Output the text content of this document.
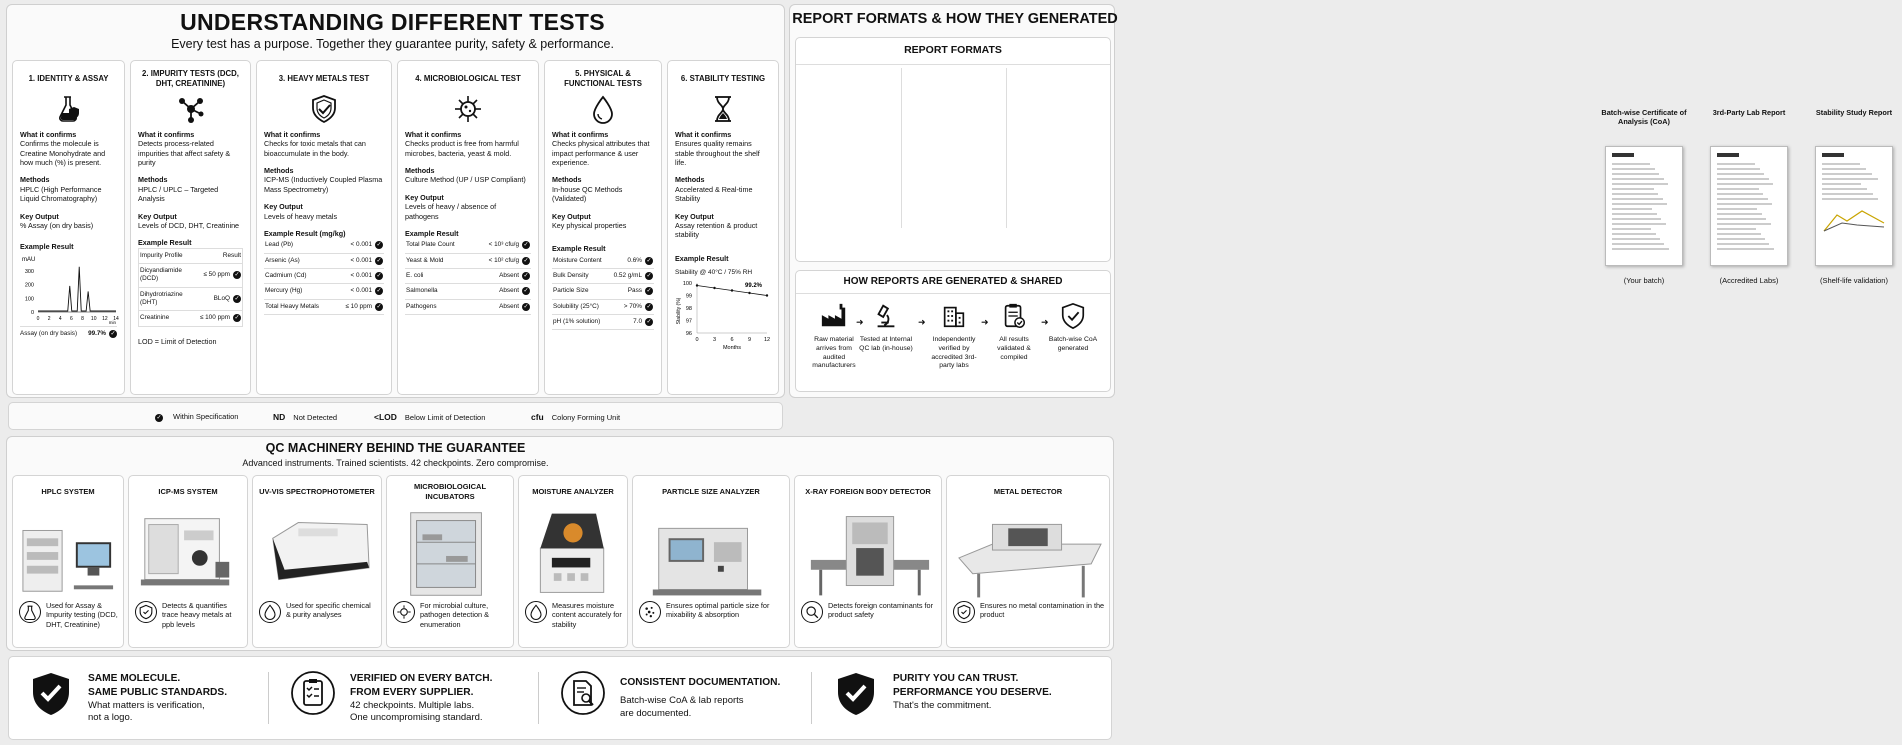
UNDERSTANDING DIFFERENT TESTS
Every test has a purpose. Together they guarantee purity, safety & performance.
1. IDENTITY & ASSAY
What it confirms
Confirms the molecule is Creatine Monohydrate and how much (%) is present.
Methods
HPLC (High Performance Liquid Chromatography)
Key Output
% Assay (on dry basis)
Example Result
mAU
300
200
100
0
0 2 4 6 8 10 12 14
min
Assay (on dry basis) 99.7% ✓
2. IMPURITY TESTS (DCD, DHT, CREATININE)
What it confirms
Detects process-related impurities that affect safety & purity
Methods
HPLC / UPLC – Targeted Analysis
Key Output
Levels of DCD, DHT, Creatinine
Example Result
Impurity Profile	Result
Dicyandiamide (DCD)	≤ 50 ppm ✓
Dihydrotriazine (DHT)	BLoQ ✓
Creatinine	≤ 100 ppm ✓
LOD = Limit of Detection
3. HEAVY METALS TEST
What it confirms
Checks for toxic metals that can bioaccumulate in the body.
Methods
ICP-MS (Inductively Coupled Plasma Mass Spectrometry)
Key Output
Levels of heavy metals
Example Result (mg/kg)
Lead (Pb)	< 0.001 ✓
Arsenic (As)	< 0.001 ✓
Cadmium (Cd)	< 0.001 ✓
Mercury (Hg)	< 0.001 ✓
Total Heavy Metals	≤ 10 ppm ✓
4. MICROBIOLOGICAL TEST
What it confirms
Checks product is free from harmful microbes, bacteria, yeast & mold.
Methods
Culture Method (UP / USP Compliant)
Key Output
Levels of heavy / absence of pathogens
Example Result
Total Plate Count	< 10³ cfu/g ✓
Yeast & Mold	< 10² cfu/g ✓
E. coli	Absent ✓
Salmonella	Absent ✓
Pathogens	Absent ✓
5. PHYSICAL & FUNCTIONAL TESTS
What it confirms
Checks physical attributes that impact performance & user experience.
Methods
In-house QC Methods (Validated)
Key Output
Key physical properties
Example Result
Moisture Content	0.6% ✓
Bulk Density	0.52 g/mL ✓
Particle Size	Pass ✓
Solubility (25°C)	> 70% ✓
pH (1% solution)	7.0 ✓
6. STABILITY TESTING
What it confirms
Ensures quality remains stable throughout the shelf life.
Methods
Accelerated & Real-time Stability
Key Output
Assay retention & product stability
Example Result
Stability @ 40°C / 75% RH
Stability (%)
100
99
98
97
96
0	3	6	9 12
Months
99.2%
✓ Within Specification	ND Not Detected	<LOD Below Limit of Detection	cfu Colony Forming Unit
REPORT FORMATS & HOW THEY GENERATED
REPORT FORMATS
Batch-wise Certificate of Analysis (CoA)
(Your batch)
3rd-Party Lab Report
(Accredited Labs)
Stability Study Report
(Shelf-life validation)
HOW REPORTS ARE GENERATED & SHARED
Raw material arrives from audited manufacturers
➜
Tested at Internal QC lab (in-house)
➜
Independently verified by accredited 3rd-party labs
➜
All results validated & compiled
➜
Batch-wise CoA generated
QC MACHINERY BEHIND THE GUARANTEE
Advanced instruments. Trained scientists. 42 checkpoints. Zero compromise.
HPLC SYSTEM
Used for Assay & Impurity testing (DCD, DHT, Creatinine)
ICP-MS SYSTEM
Detects & quantifies trace heavy metals at ppb levels
UV-VIS SPECTROPHOTOMETER
Used for specific chemical & purity analyses
MICROBIOLOGICAL INCUBATORS
For microbial culture, pathogen detection & enumeration
MOISTURE ANALYZER
Measures moisture content accurately for stability
PARTICLE SIZE ANALYZER
Ensures optimal particle size for mixability & absorption
X-RAY FOREIGN BODY DETECTOR
Detects foreign contaminants for product safety
METAL DETECTOR
Ensures no metal contamination in the product
SAME MOLECULE.
SAME PUBLIC STANDARDS.
What matters is verification,
not a logo.
VERIFIED ON EVERY BATCH.
FROM EVERY SUPPLIER.
42 checkpoints. Multiple labs.
One uncompromising standard.
CONSISTENT DOCUMENTATION.
Batch-wise CoA & lab reports
are documented.
PURITY YOU CAN TRUST.
PERFORMANCE YOU DESERVE.
That's the commitment.
